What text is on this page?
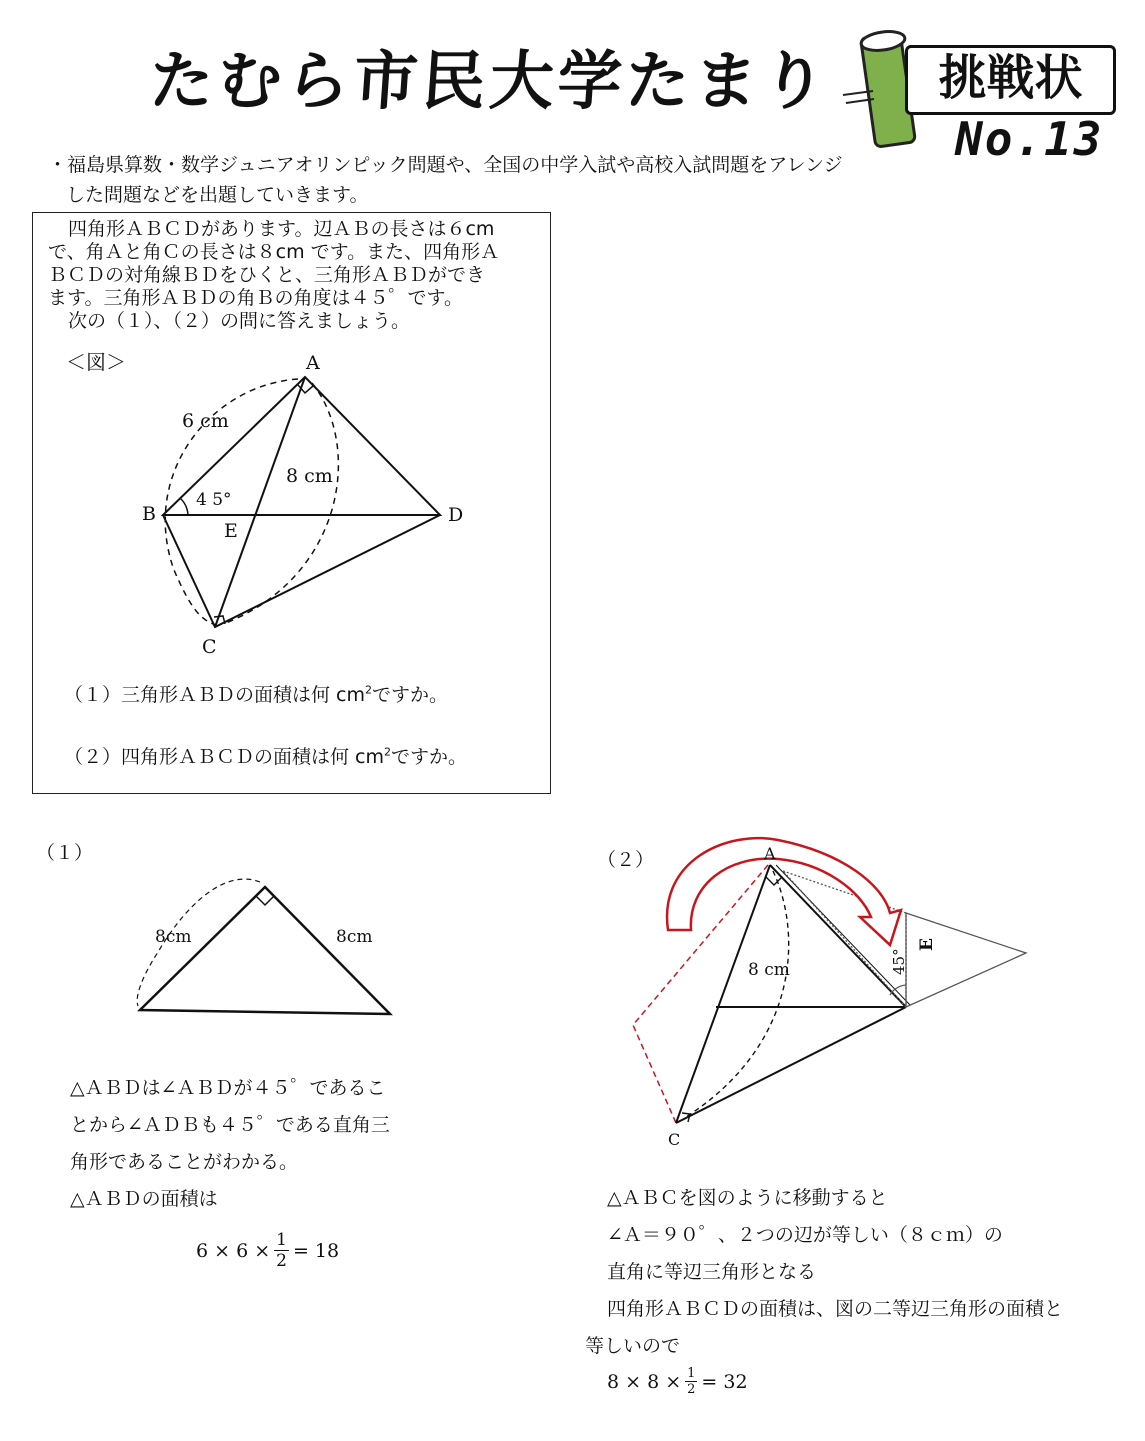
たむら市民大学たまり	挑戦状
No.13
・福島県算数・数学ジュニアオリンピック問題や、全国の中学入試や高校入試問題をアレンジ
した問題などを出題していきます。
四角形ＡＢＣＤがあります。辺ＡＢの長さは６cm
で、角Ａと角Ｃの長さは８cm です。また、四角形Ａ
ＢＣＤの対角線ＢＤをひくと、三角形ＡＢＤができ
ます。三角形ＡＢＤの角Ｂの角度は４５゜です。
次の（１）、（２）の問に答えましょう。
＜図＞	A
B
C
D
E
6 cm
8 cm
4 5°
（１）三角形ＡＢＤの面積は何 $cm^2$ですか。
（２）四角形ＡＢＣＤの面積は何 $cm^2$ですか。
（１）
8cm	8cm
△ＡＢＤは∠ＡＢＤが４５゜であるこ
とから∠ＡＤＢも４５゜である直角三
角形であることがわかる。
△ＡＢＤの面積は
$6 \times 6 \times \frac{1}{2} = 18$
（２）	A
C
E
8 cm	45°
△ＡＢＣを図のように移動すると
∠Ａ＝９０゜、２つの辺が等しい（８ｃｍ）の
直角に等辺三角形となる
四角形ＡＢＣＤの面積は、図の二等辺三角形の面積と
等しいので
$8 \times 8 \times \frac{1}{2} = 32$
